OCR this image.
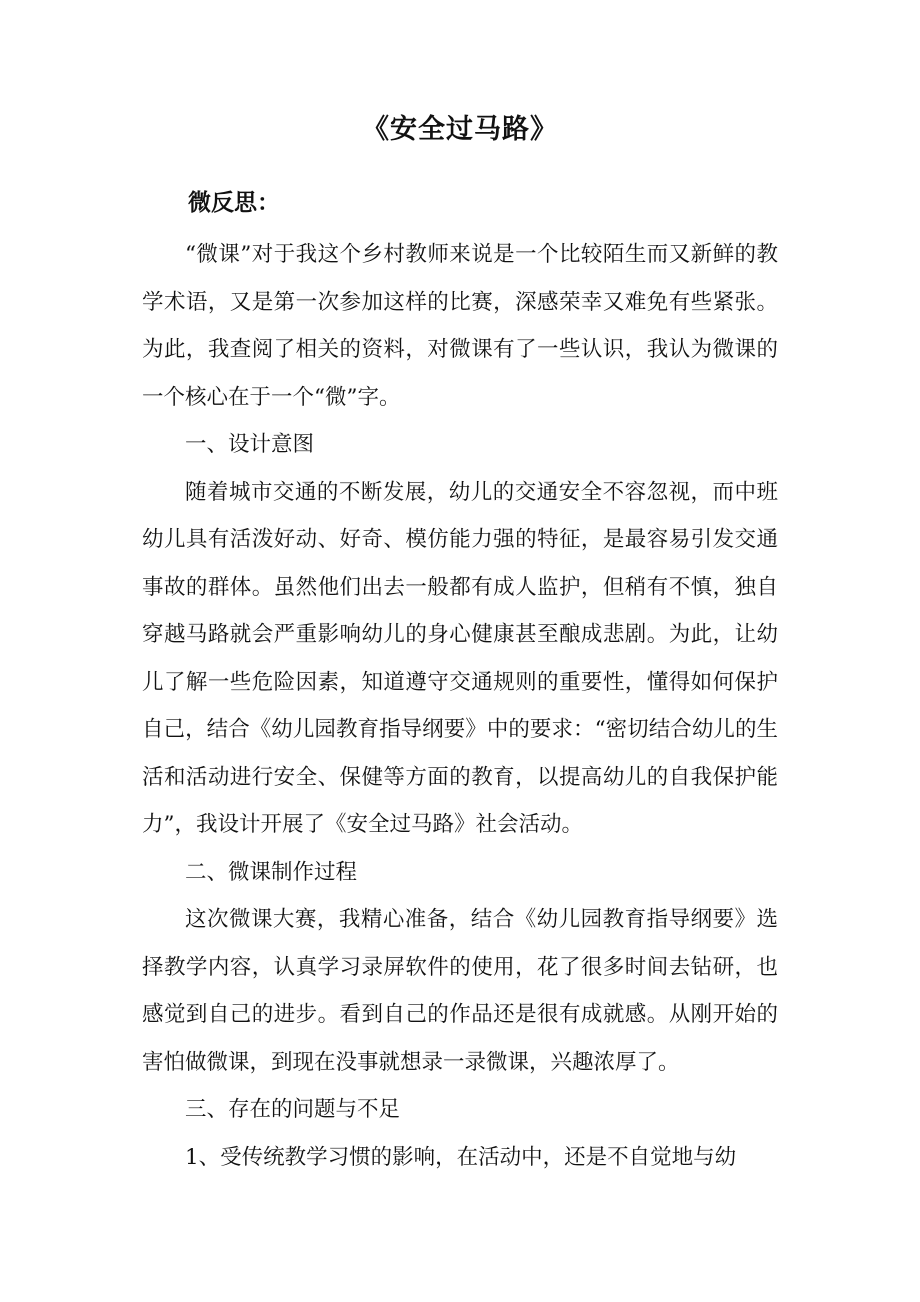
《安全过马路》
微反思：

“微课”对于我这个乡村教师来说是一个比较陌生而又新鲜的教学术语，又是第一次参加这样的比赛，深感荣幸又难免有些紧张。为此，我查阅了相关的资料，对微课有了一些认识，我认为微课的一个核心在于一个“微”字。

一、设计意图

随着城市交通的不断发展，幼儿的交通安全不容忽视，而中班幼儿具有活泼好动、好奇、模仿能力强的特征，是最容易引发交通事故的群体。虽然他们出去一般都有成人监护，但稍有不慎，独自穿越马路就会严重影响幼儿的身心健康甚至酿成悲剧。为此，让幼儿了解一些危险因素，知道遵守交通规则的重要性，懂得如何保护自己，结合《幼儿园教育指导纲要》中的要求：“密切结合幼儿的生活和活动进行安全、保健等方面的教育，以提高幼儿的自我保护能力”，我设计开展了《安全过马路》社会活动。

二、微课制作过程

这次微课大赛，我精心准备，结合《幼儿园教育指导纲要》选择教学内容，认真学习录屏软件的使用，花了很多时间去钻研，也感觉到自己的进步。看到自己的作品还是很有成就感。从刚开始的害怕做微课，到现在没事就想录一录微课，兴趣浓厚了。

三、存在的问题与不足

1、受传统教学习惯的影响，在活动中，还是不自觉地与幼
